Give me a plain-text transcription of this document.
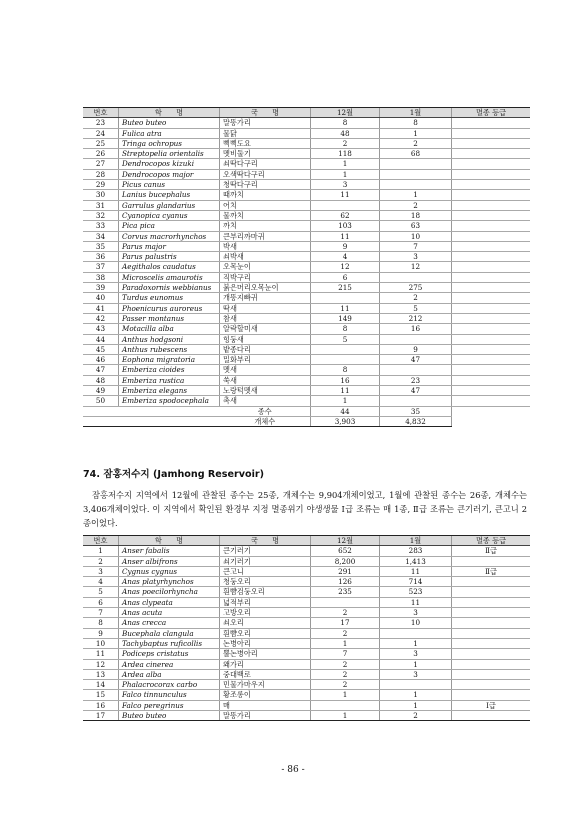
번호	학　　명	국　　명	12월	1월	멸종 등급
23	Buteo buteo	말똥가리	8	8	
24	Fulica atra	물닭	48	1	
25	Tringa ochropus	삑삑도요	2	2	
26	Streptopelia orientalis	멧비둘기	118	68	
27	Dendrocopos kizuki	쇠딱다구리	1		
28	Dendrocopos major	오색딱다구리	1		
29	Picus canus	청딱다구리	3		
30	Lanius bucephalus	때까치	11	1	
31	Garrulus glandarius	어치		2	
32	Cyanopica cyanus	물까치	62	18	
33	Pica pica	까치	103	63	
34	Corvus macrorhynchos	큰부리까마귀	11	10	
35	Parus major	박새	9	7	
36	Parus palustris	쇠박새	4	3	
37	Aegithalos caudatus	오목눈이	12	12	
38	Microscelis amaurotis	직박구리	6		
39	Paradoxornis webbianus	붉은머리오목눈이	215	275	
40	Turdus eunomus	개똥지빠귀		2	
41	Phoenicurus auroreus	딱새	11	5	
42	Passer montanus	참새	149	212	
43	Motacilla alba	알락할미새	8	16	
44	Anthus hodgsoni	힝둥새	5		
45	Anthus rubescens	밭종다리		9	
46	Eophona migratoria	밀화부리		47	
47	Emberiza cioides	멧새	8		
48	Emberiza rustica	쑥새	16	23	
49	Emberiza elegans	노랑턱멧새	11	47	
50	Emberiza spodocephala	촉새	1		
		종수	44	35	
		개체수	3,903	4,832	
74. 잠홍저수지 (Jamhong Reservoir)

잠홍저수지 지역에서 12월에 관찰된 종수는 25종, 개체수는 9,904개체이었고, 1월에 관찰된 종수는 26종, 개체수는 3,406개체이었다. 이 지역에서 확인된 환경부 지정 멸종위기 야생생물 Ⅰ급 조류는 매 1종, Ⅱ급 조류는 큰기러기, 큰고니 2종이었다.

번호	학　　명	국　　명	12월	1월	멸종 등급
1	Anser fabalis	큰기러기	652	283	Ⅱ급
2	Anser albifrons	쇠기러기	8,200	1,413	
3	Cygnus cygnus	큰고니	291	11	Ⅱ급
4	Anas platyrhynchos	청둥오리	126	714	
5	Anas poecilorhyncha	흰뺨검둥오리	235	523	
6	Anas clypeata	넓적부리		11	
7	Anas acuta	고방오리	2	3	
8	Anas crecca	쇠오리	17	10	
9	Bucephala clangula	흰뺨오리	2		
10	Tachybaptus ruficollis	논병아리	1	1	
11	Podiceps cristatus	뿔논병아리	7	3	
12	Ardea cinerea	왜가리	2	1	
13	Ardea alba	중대백로	2	3	
14	Phalacrocorax carbo	민물가마우지	2		
15	Falco tinnunculus	황조롱이	1	1	
16	Falco peregrinus	매		1	Ⅰ급
17	Buteo buteo	말똥가리	1	2	
- 86 -
